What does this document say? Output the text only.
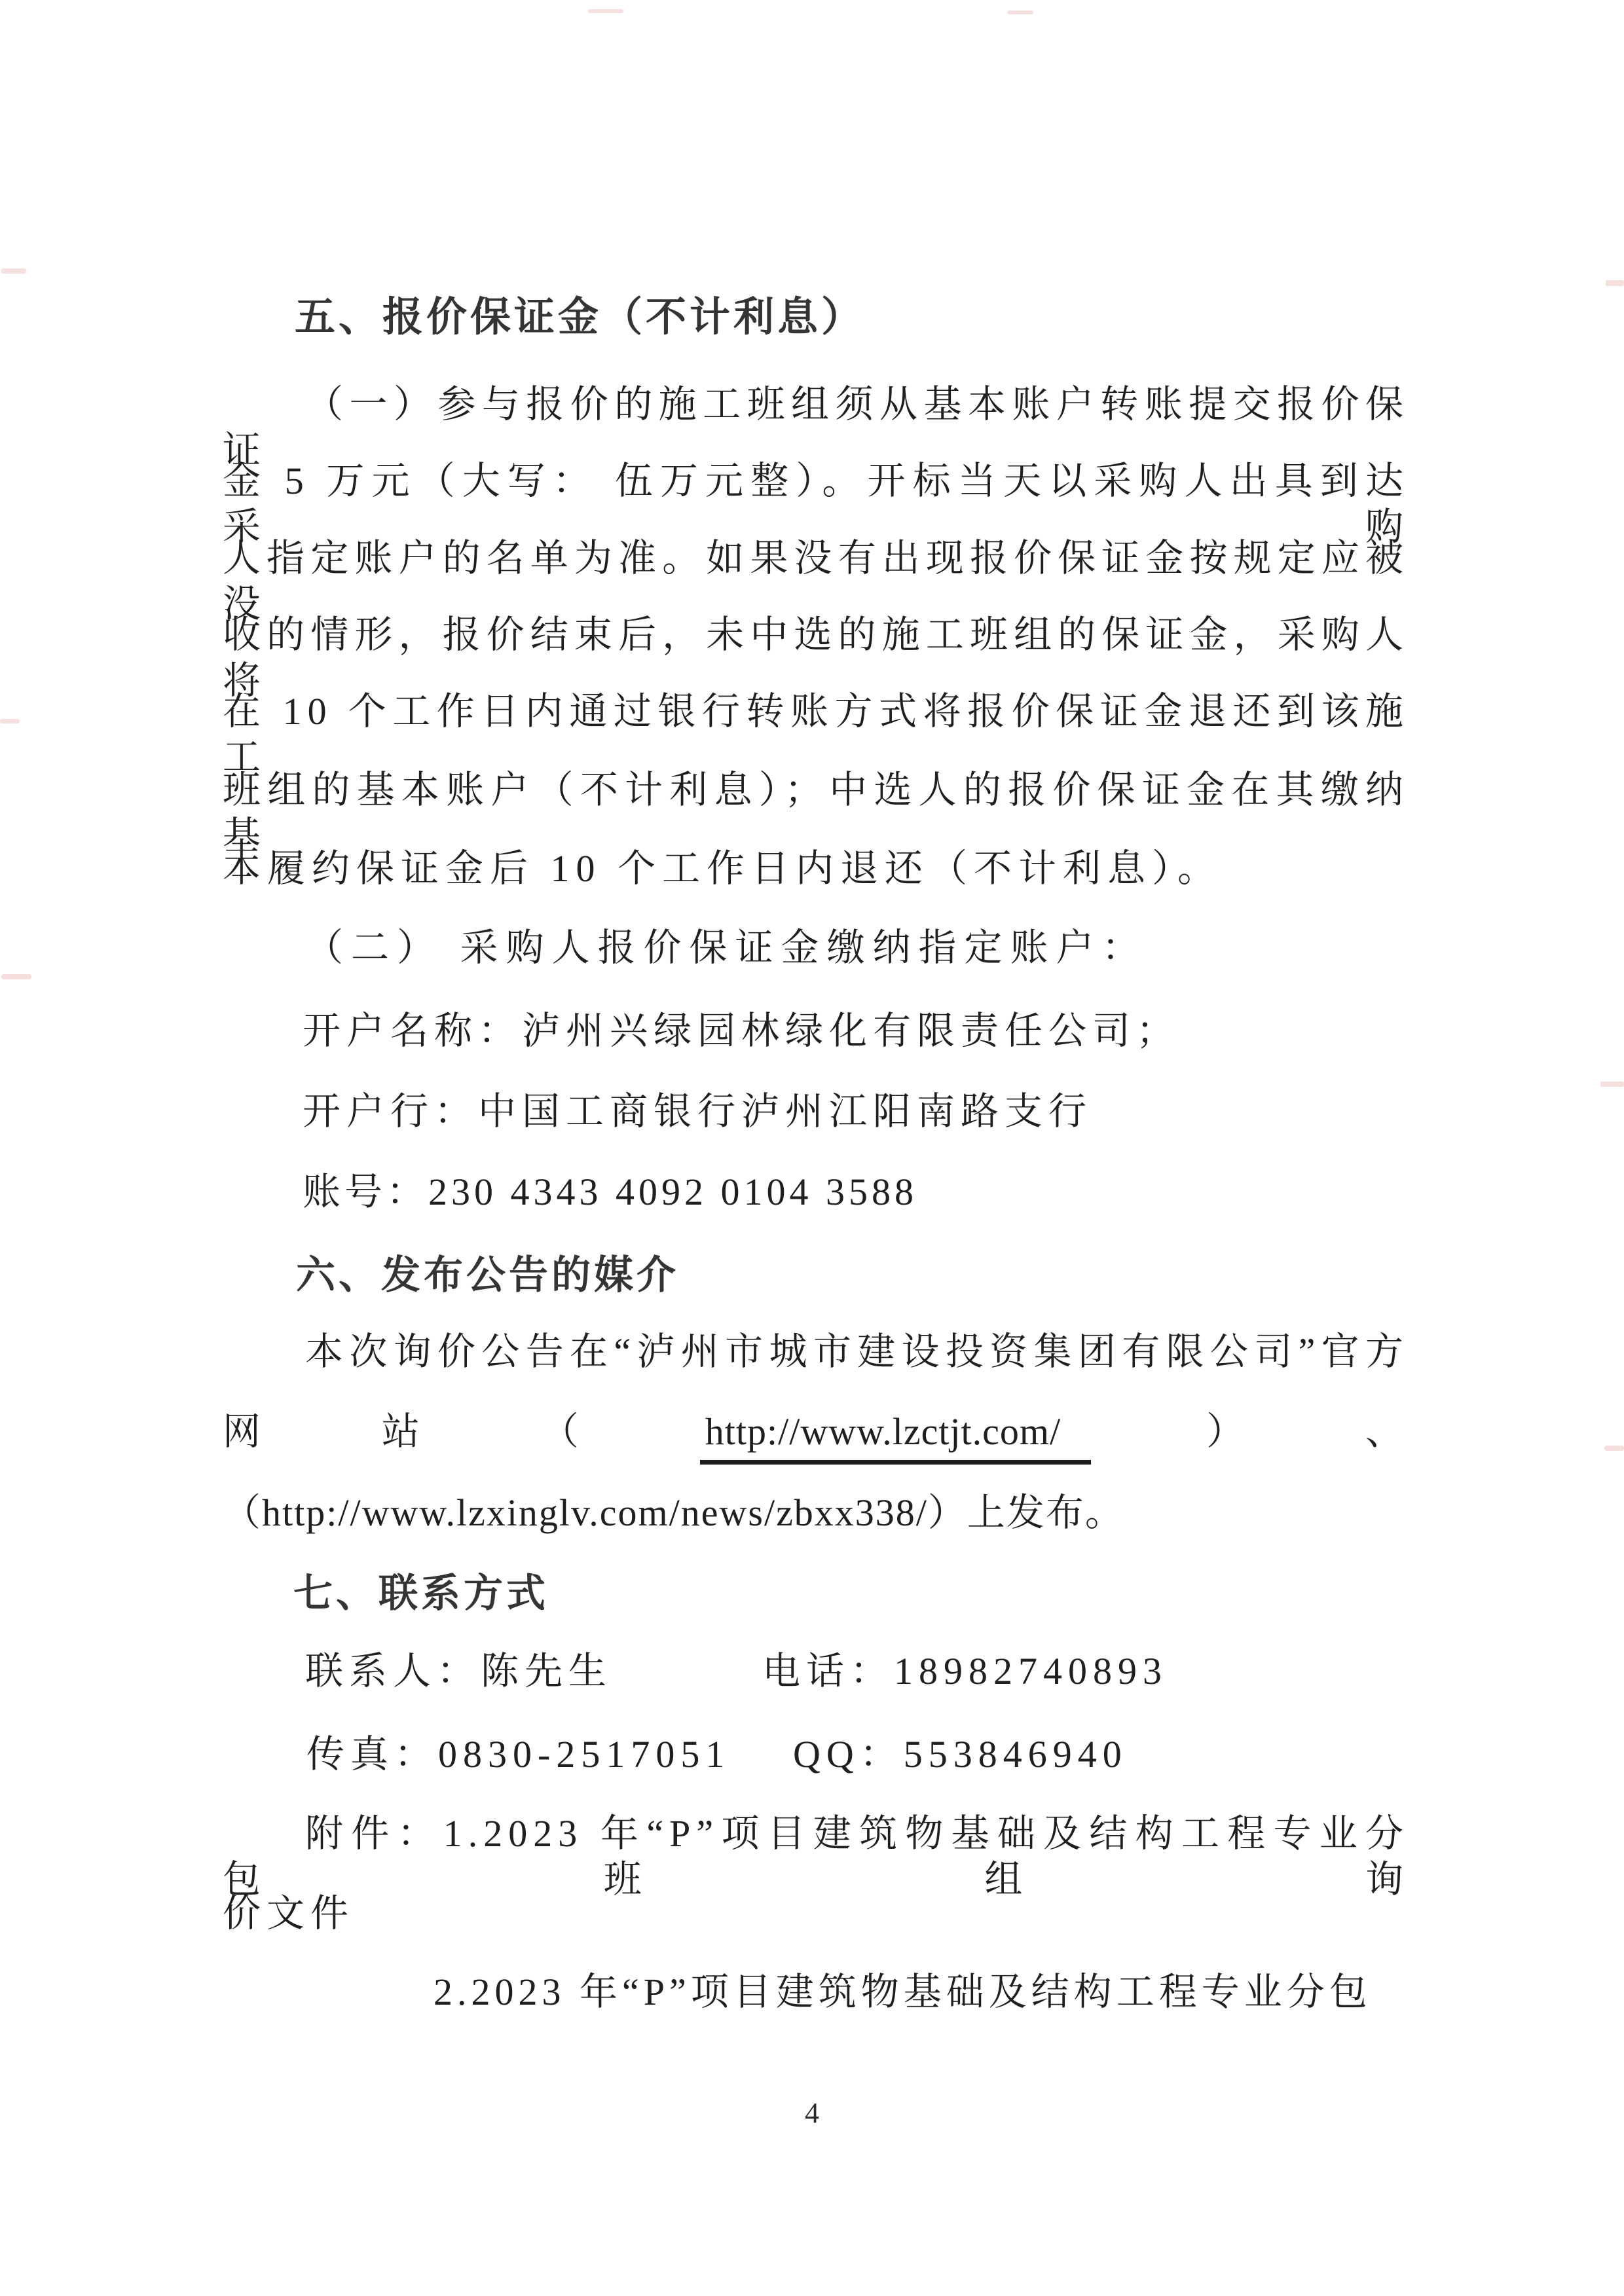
五、报价保证金（不计利息）
（一）参与报价的施工班组须从基本账户转账提交报价保证
金 5 万元（大写： 伍万元整）。开标当天以采购人出具到达采购
人指定账户的名单为准。如果没有出现报价保证金按规定应被没
收的情形，报价结束后，未中选的施工班组的保证金，采购人将
在 10 个工作日内通过银行转账方式将报价保证金退还到该施工
班组的基本账户（不计利息）；中选人的报价保证金在其缴纳基
本履约保证金后 10 个工作日内退还（不计利息）。
（二） 采购人报价保证金缴纳指定账户：
开户名称：泸州兴绿园林绿化有限责任公司；
开户行：中国工商银行泸州江阳南路支行
账号：230 4343 4092 0104 3588
六、发布公告的媒介
本次询价公告在“泸州市城市建设投资集团有限公司”官方
网	站	（	http://www.lzctjt.com/	）	、
（http://www.lzxinglv.com/news/zbxx338/）上发布。
七、联系方式
联系人：陈先生	电话：18982740893
传真：0830-2517051 QQ：553846940
附件：1.2023 年“P”项目建筑物基础及结构工程专业分包班组询
价文件
2.2023 年“P”项目建筑物基础及结构工程专业分包
4
